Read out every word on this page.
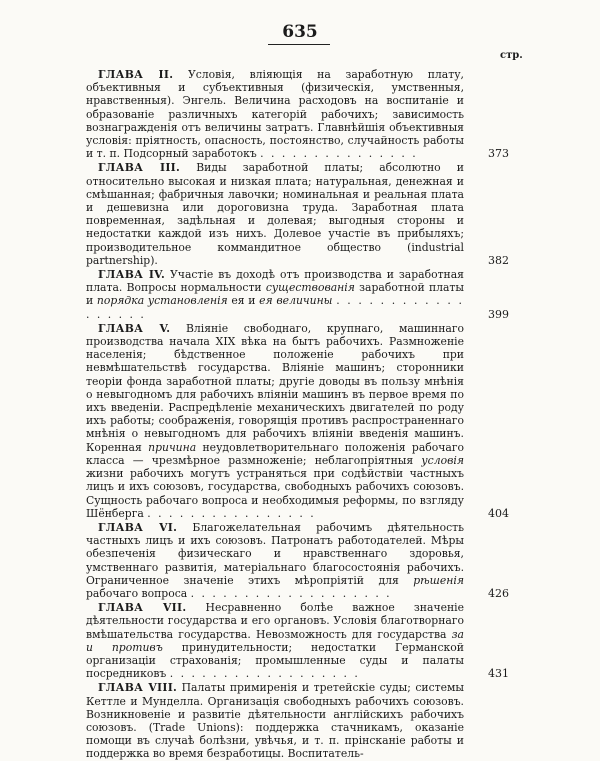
635
стр.

ГЛАВА II. Условія, вліяющія на заработную плату, объективныя и субъективныя (физическія, умственныя, нравственныя). Энгель. Величина расходовъ на воспитаніе и образованіе различныхъ категорій рабочихъ; зависимость вознагражденія отъ величины затратъ. Главнѣйшія объективныя условія: пріятность, опасность, постоянство, случайность работы и т. п. Подсорный заработокъ . . . . . . . . . . . . . . .	373

ГЛАВА III. Виды заработной платы; абсолютно и относительно высокая и низкая плата; натуральная, денежная и смѣшанная; фабричныя лавочки; номинальная и реальная плата и дешевизна или дороговизна труда. Заработная плата поврeменная, задѣльная и долевая; выгодныя стороны и недостатки каждой изъ нихъ. Долевое участіе въ прибыляхъ; производительное коммандитное общество (industrial partnership).	382

ГЛАВА IV. Участіе въ доходѣ отъ производства и заработная плата. Вопросы нормальности существованія заработной платы и порядка установленія ея и ея величины . . . . . . . . . . . . . . . . . .	399

ГЛАВА V. Вліяніе свободнаго, крупнаго, машиннаго производства начала XIX вѣка на бытъ рабочихъ. Размноженіе населенія; бѣдственное положеніе рабочихъ при невмѣшательствѣ государства. Вліяніе машинъ; сторонники теоріи фонда заработной платы; другіе доводы въ пользу мнѣнія о невыгодномъ для рабочихъ вліяніи машинъ въ первое время по ихъ введеніи. Распредѣленіе механическихъ двигателей по роду ихъ работы; соображенія, говорящія противъ распространеннаго мнѣнія о невыгодномъ для рабочихъ вліяніи введенія машинъ. Коренная причина неудовлетворительнаго положенія рабочаго класса — чрезмѣрное размноженіе; неблагопріятныя условія жизни рабочихъ могутъ устраняться при содѣйствіи частныхъ лицъ и ихъ союзовъ, государства, свободныхъ рабочихъ союзовъ. Сущность рабочаго вопроса и необходимыя реформы, по взгляду Шёнберга . . . . . . . . . . . . . . . .	404

ГЛАВА VI. Благожелательная рабочимъ дѣятельность частныхъ лицъ и ихъ союзовъ. Патронатъ работодателей. Мѣры обезпеченія физическаго и нравственнаго здоровья, умственнаго развитія, матеріальнаго благосостоянія рабочихъ. Ограниченное значеніе этихъ мѣропріятій для рѣшенія рабочаго вопроса . . . . . . . . . . . . . . . . . . .	426

ГЛАВА VII. Несравненно болѣе важное значеніе дѣятельности государства и его органовъ. Условія благотворнаго вмѣшательства государства. Невозможность для государства за и противъ принудительности; недостатки Германской организаціи страхованія; промышленные суды и палаты посредниковъ . . . . . . . . . . . . . . . . . .	431

ГЛАВА VIII. Палаты примиренія и третейскіе суды; системы Кеттле и Мунделла. Организація свободныхъ рабочихъ союзовъ. Возникновеніе и развитіе дѣятельности англійскихъ рабочихъ союзовъ. (Trade Unions): поддержка стачникамъ, оказаніе помощи въ случаѣ болѣзни, увѣчья, и т. п. прінсканіе работы и поддержка во время безработицы. Воспитатель-
